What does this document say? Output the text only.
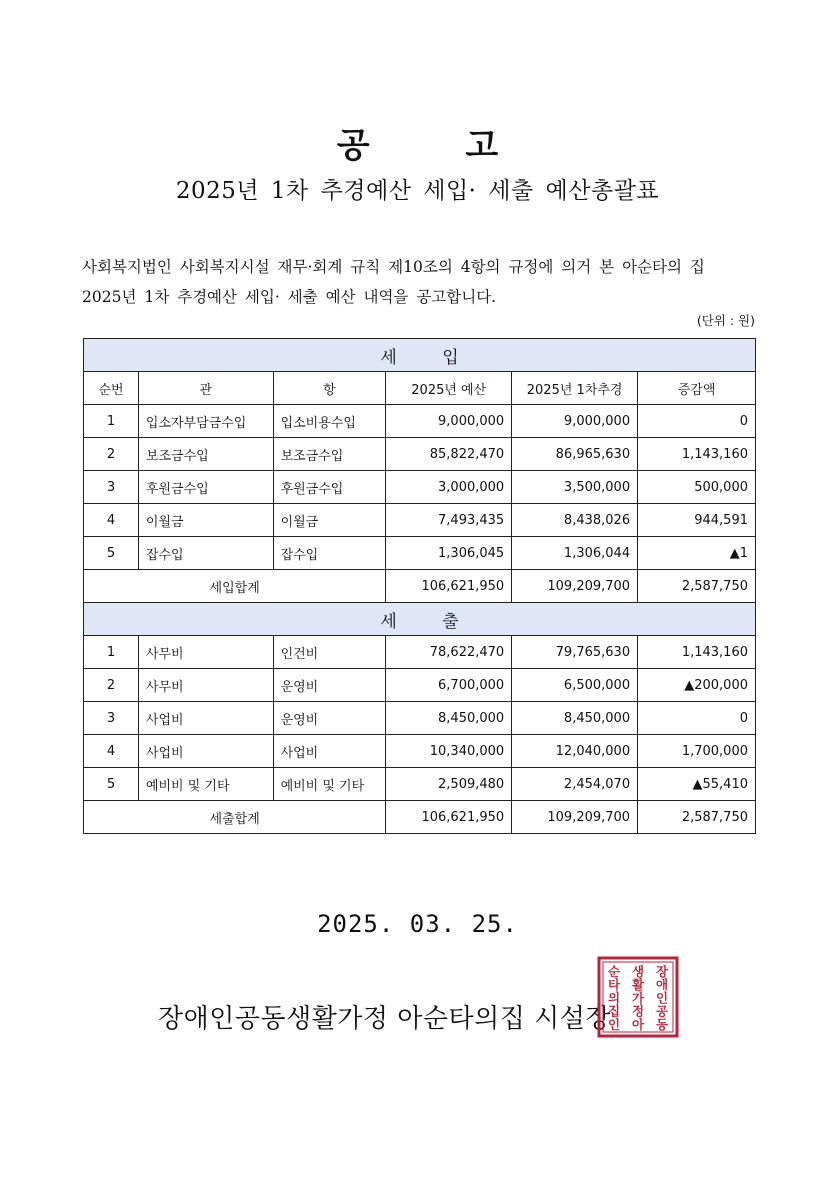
공 고
2025년 1차 추경예산 세입· 세출 예산총괄표
사회복지법인 사회복지시설 재무·회계 규칙 제10조의 4항의 규정에 의거 본 아순타의 집
2025년 1차 추경예산 세입· 세출 예산 내역을 공고합니다.
(단위 : 원)
세 입					
순번	관	항	2025년 예산	2025년 1차추경	증감액
1	입소자부담금수입	입소비용수입	9,000,000	9,000,000	0
2	보조금수입	보조금수입	85,822,470	86,965,630	1,143,160
3	후원금수입	후원금수입	3,000,000	3,500,000	500,000
4	이월금	이월금	7,493,435	8,438,026	944,591
5	잡수입	잡수입	1,306,045	1,306,044	▲1
세입합계			106,621,950	109,209,700	2,587,750
세 출					
1	사무비	인건비	78,622,470	79,765,630	1,143,160
2	사무비	운영비	6,700,000	6,500,000	▲200,000
3	사업비	운영비	8,450,000	8,450,000	0
4	사업비	사업비	10,340,000	12,040,000	1,700,000
5	예비비 및 기타	예비비 및 기타	2,509,480	2,454,070	▲55,410
세출합계			106,621,950	109,209,700	2,587,750
2025. 03. 25.
장애인공동생활가정 아순타의집 시설장
장
애
인
공
동
생
활
가
정
아
순
타
의
집
인
